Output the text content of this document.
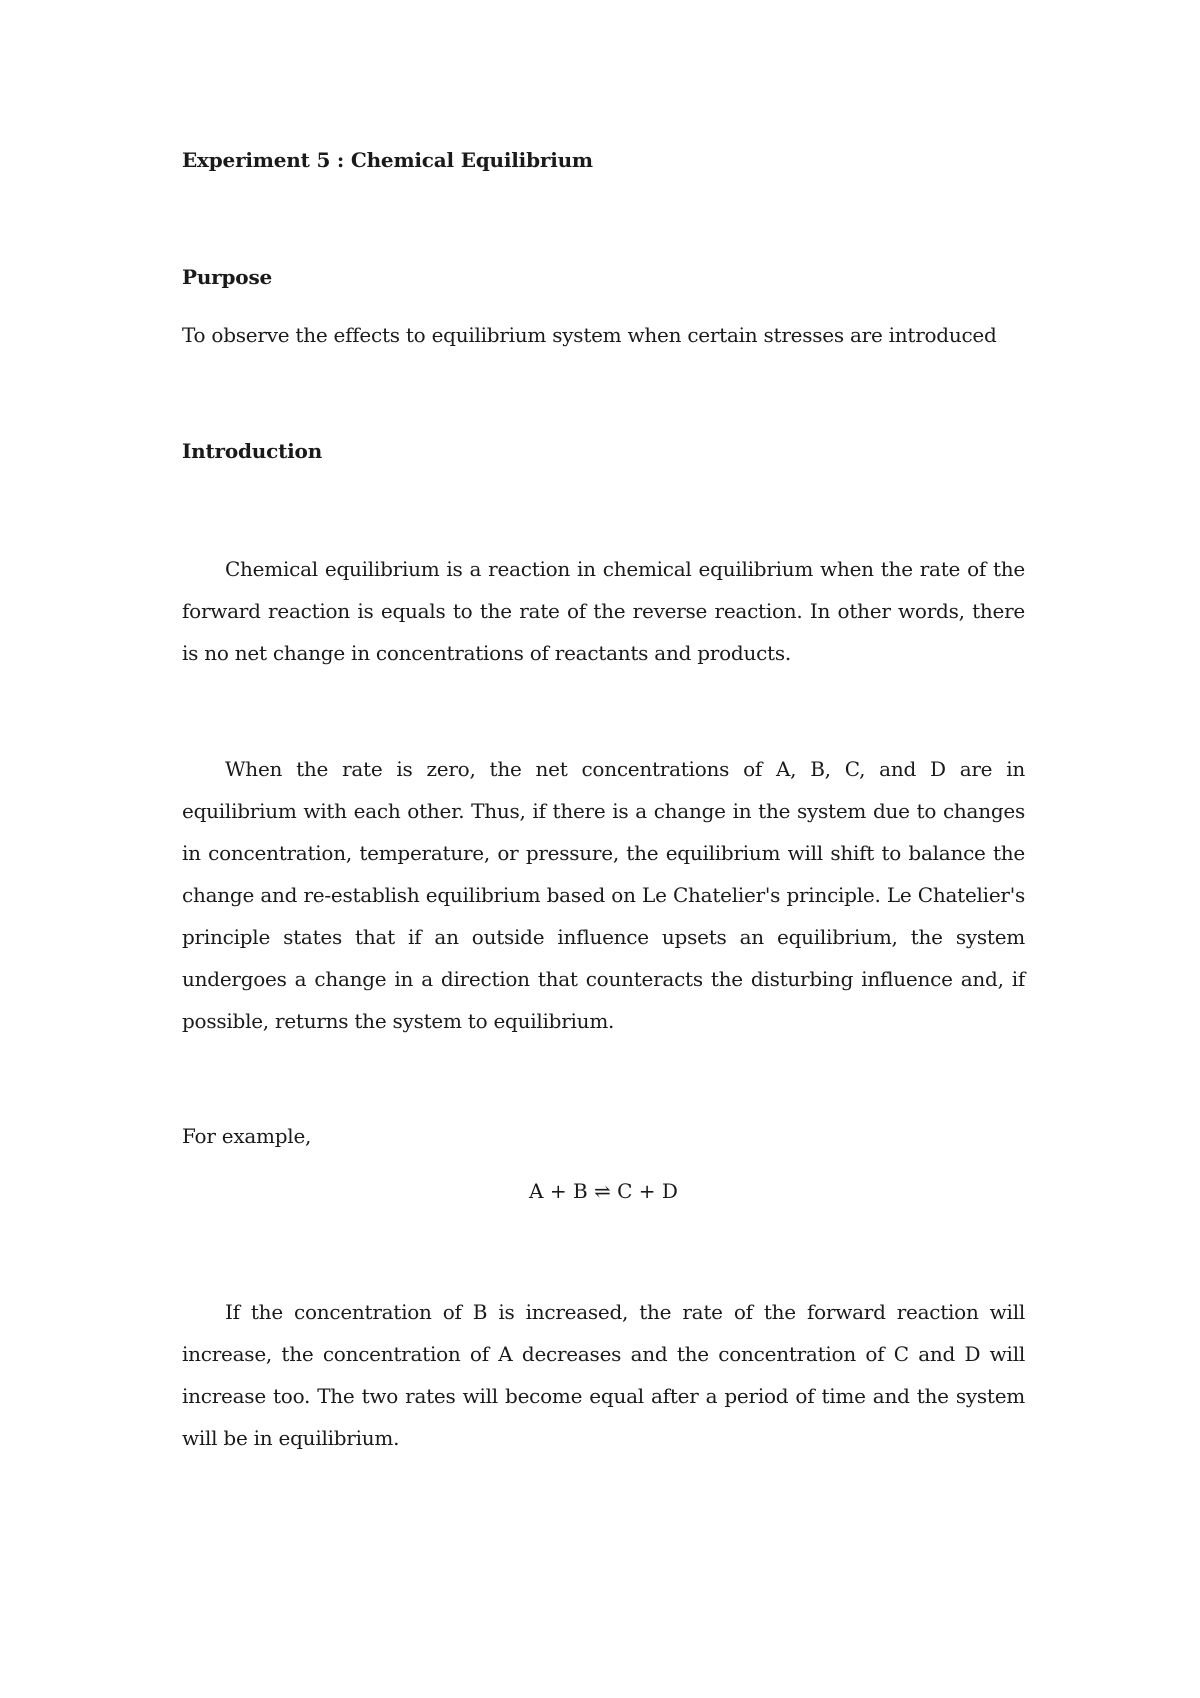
Experiment 5 : Chemical Equilibrium
Purpose

To observe the effects to equilibrium system when certain stresses are introduced

Introduction

Chemical equilibrium is a reaction in chemical equilibrium when the rate of the forward reaction is equals to the rate of the reverse reaction. In other words, there is no net change in concentrations of reactants and products.

When the rate is zero, the net concentrations of A, B, C, and D are in equilibrium with each other. Thus, if there is a change in the system due to changes in concentration, temperature, or pressure, the equilibrium will shift to balance the change and re-establish equilibrium based on Le Chatelier's principle. Le Chatelier's principle states that if an outside influence upsets an equilibrium, the system undergoes a change in a direction that counteracts the disturbing influence and, if possible, returns the system to equilibrium.

For example,

A + B ⇌ C + D

If the concentration of B is increased, the rate of the forward reaction will increase, the concentration of A decreases and the concentration of C and D will increase too. The two rates will become equal after a period of time and the system will be in equilibrium.
